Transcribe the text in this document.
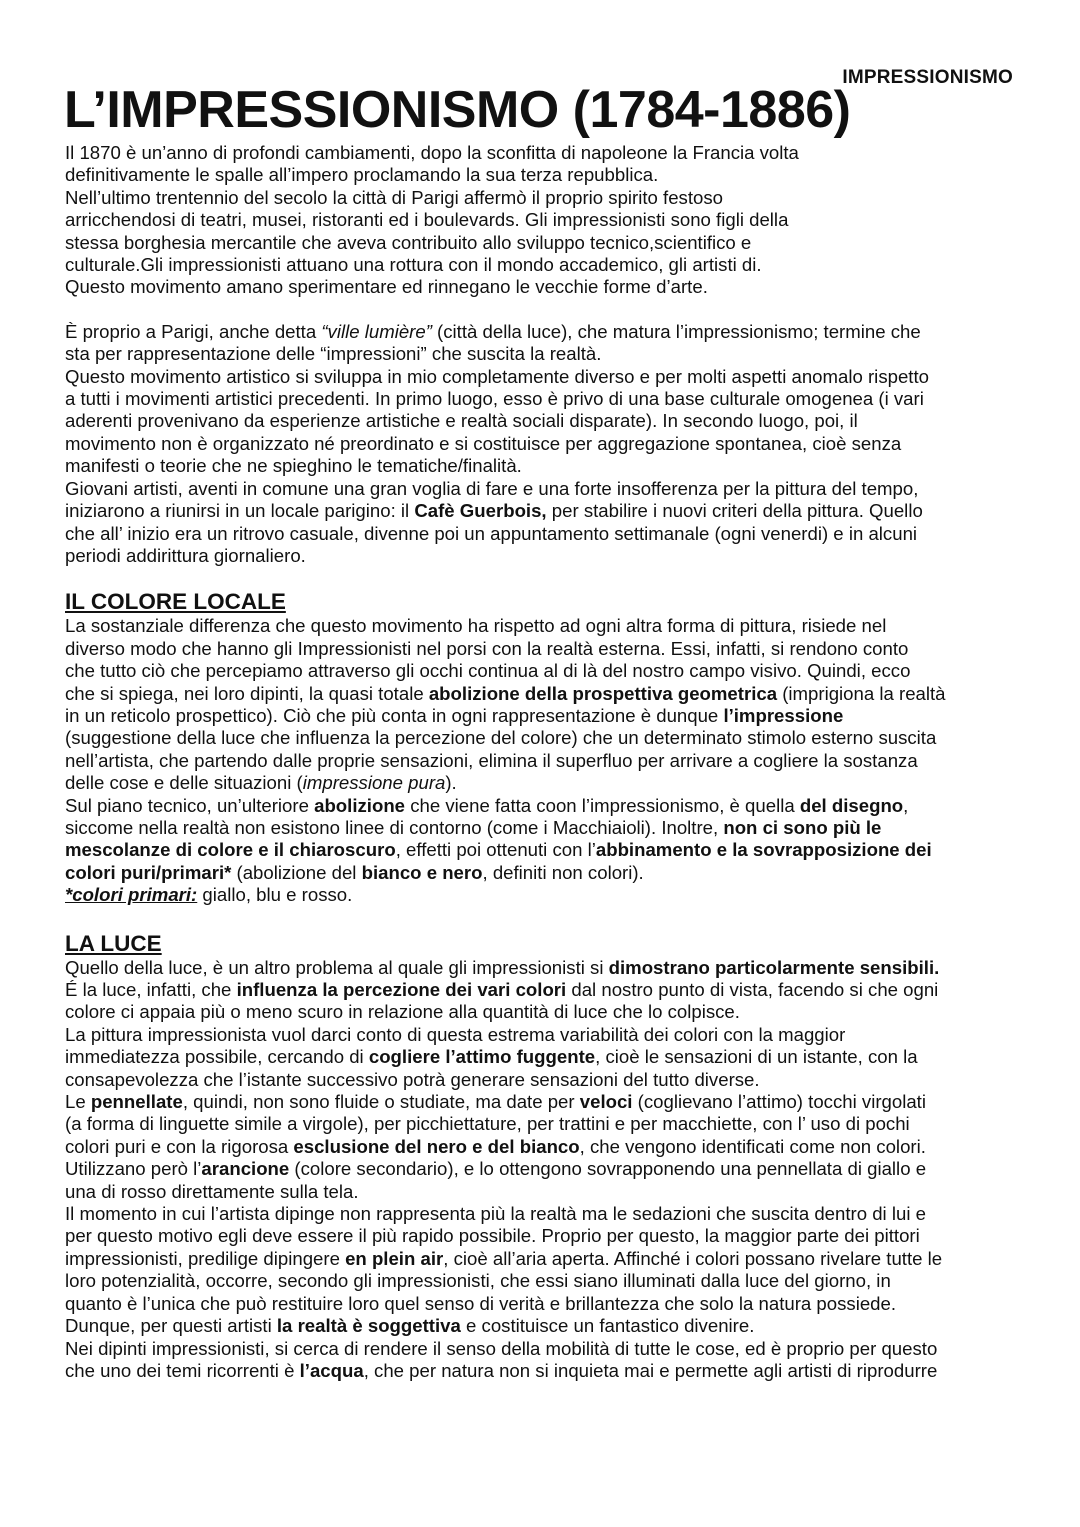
IMPRESSIONISMO
L’IMPRESSIONISMO (1784-1886)

Il 1870 è un’anno di profondi cambiamenti, dopo la sconfitta di napoleone la Francia volta
definitivamente le spalle all’impero proclamando la sua terza repubblica.
Nell’ultimo trentennio del secolo la città di Parigi affermò il proprio spirito festoso
arricchendosi di teatri, musei, ristoranti ed i boulevards. Gli impressionisti sono figli della
stessa borghesia mercantile che aveva contribuito allo sviluppo tecnico,scientifico e
culturale.Gli impressionisti attuano una rottura con il mondo accademico, gli artisti di.
Questo movimento amano sperimentare ed rinnegano le vecchie forme d’arte.

È proprio a Parigi, anche detta “ville lumière” (città della luce), che matura l’impressionismo; termine che
sta per rappresentazione delle “impressioni” che suscita la realtà.
Questo movimento artistico si sviluppa in mio completamente diverso e per molti aspetti anomalo rispetto
a tutti i movimenti artistici precedenti. In primo luogo, esso è privo di una base culturale omogenea (i vari
aderenti provenivano da esperienze artistiche e realtà sociali disparate). In secondo luogo, poi, il
movimento non è organizzato né preordinato e si costituisce per aggregazione spontanea, cioè senza
manifesti o teorie che ne spieghino le tematiche/finalità.
Giovani artisti, aventi in comune una gran voglia di fare e una forte insofferenza per la pittura del tempo,
iniziarono a riunirsi in un locale parigino: il Cafè Guerbois, per stabilire i nuovi criteri della pittura. Quello
che all’ inizio era un ritrovo casuale, divenne poi un appuntamento settimanale (ogni venerdi) e in alcuni
periodi addirittura giornaliero.

IL COLORE LOCALE

La sostanziale differenza che questo movimento ha rispetto ad ogni altra forma di pittura, risiede nel
diverso modo che hanno gli Impressionisti nel porsi con la realtà esterna. Essi, infatti, si rendono conto
che tutto ciò che percepiamo attraverso gli occhi continua al di là del nostro campo visivo. Quindi, ecco
che si spiega, nei loro dipinti, la quasi totale abolizione della prospettiva geometrica (imprigiona la realtà
in un reticolo prospettico). Ciò che più conta in ogni rappresentazione è dunque l’impressione
(suggestione della luce che influenza la percezione del colore) che un determinato stimolo esterno suscita
nell’artista, che partendo dalle proprie sensazioni, elimina il superfluo per arrivare a cogliere la sostanza
delle cose e delle situazioni (impressione pura).
Sul piano tecnico, un’ulteriore abolizione che viene fatta coon l’impressionismo, è quella del disegno,
siccome nella realtà non esistono linee di contorno (come i Macchiaioli). Inoltre, non ci sono più le
mescolanze di colore e il chiaroscuro, effetti poi ottenuti con l’abbinamento e la sovrapposizione dei
colori puri/primari* (abolizione del bianco e nero, definiti non colori).
*colori primari: giallo, blu e rosso.

LA LUCE

Quello della luce, è un altro problema al quale gli impressionisti si dimostrano particolarmente sensibili.
É la luce, infatti, che influenza la percezione dei vari colori dal nostro punto di vista, facendo si che ogni
colore ci appaia più o meno scuro in relazione alla quantità di luce che lo colpisce.
La pittura impressionista vuol darci conto di questa estrema variabilità dei colori con la maggior
immediatezza possibile, cercando di cogliere l’attimo fuggente, cioè le sensazioni di un istante, con la
consapevolezza che l’istante successivo potrà generare sensazioni del tutto diverse.
Le pennellate, quindi, non sono fluide o studiate, ma date per veloci (coglievano l’attimo) tocchi virgolati
(a forma di linguette simile a virgole), per picchiettature, per trattini e per macchiette, con l’ uso di pochi
colori puri e con la rigorosa esclusione del nero e del bianco, che vengono identificati come non colori.
Utilizzano però l’arancione (colore secondario), e lo ottengono sovrapponendo una pennellata di giallo e
una di rosso direttamente sulla tela.
Il momento in cui l’artista dipinge non rappresenta più la realtà ma le sedazioni che suscita dentro di lui e
per questo motivo egli deve essere il più rapido possibile. Proprio per questo, la maggior parte dei pittori
impressionisti, predilige dipingere en plein air, cioè all’aria aperta. Affinché i colori possano rivelare tutte le
loro potenzialità, occorre, secondo gli impressionisti, che essi siano illuminati dalla luce del giorno, in
quanto è l’unica che può restituire loro quel senso di verità e brillantezza che solo la natura possiede.
Dunque, per questi artisti la realtà è soggettiva e costituisce un fantastico divenire.
Nei dipinti impressionisti, si cerca di rendere il senso della mobilità di tutte le cose, ed è proprio per questo
che uno dei temi ricorrenti è l’acqua, che per natura non si inquieta mai e permette agli artisti di riprodurre
